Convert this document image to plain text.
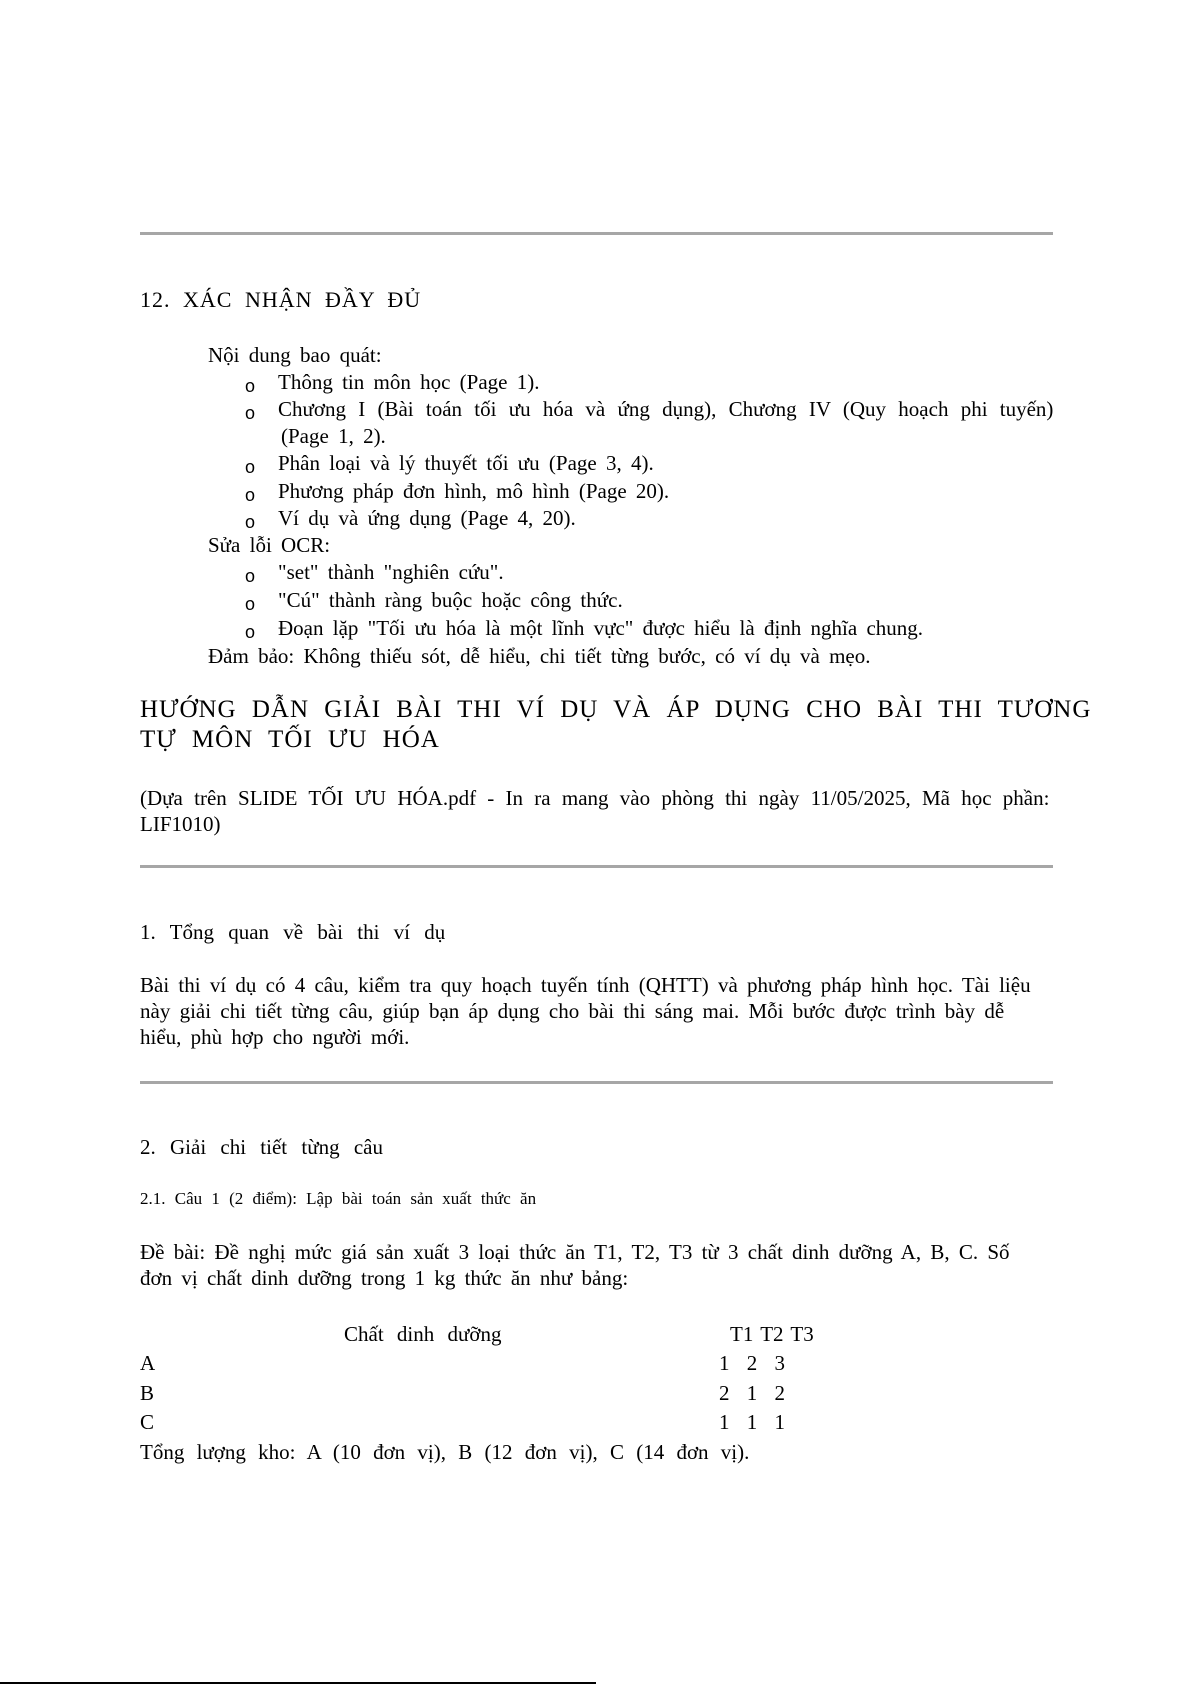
12. XÁC NHẬN ĐẦY ĐỦ
Nội dung bao quát:
o Thông tin môn học (Page 1).
o Chương I (Bài toán tối ưu hóa và ứng dụng), Chương IV (Quy hoạch phi tuyến)
(Page 1, 2).
o Phân loại và lý thuyết tối ưu (Page 3, 4).
o Phương pháp đơn hình, mô hình (Page 20).
o Ví dụ và ứng dụng (Page 4, 20).
Sửa lỗi OCR:
o "set" thành "nghiên cứu".
o "Cú" thành ràng buộc hoặc công thức.
o Đoạn lặp "Tối ưu hóa là một lĩnh vực" được hiểu là định nghĩa chung.
Đảm bảo: Không thiếu sót, dễ hiểu, chi tiết từng bước, có ví dụ và mẹo.
HƯỚNG DẪN GIẢI BÀI THI VÍ DỤ VÀ ÁP DỤNG CHO BÀI THI TƯƠNG
TỰ MÔN TỐI ƯU HÓA
(Dựa trên SLIDE TỐI ƯU HÓA.pdf - In ra mang vào phòng thi ngày 11/05/2025, Mã học phần:
LIF1010)
1. Tổng quan về bài thi ví dụ
Bài thi ví dụ có 4 câu, kiểm tra quy hoạch tuyến tính (QHTT) và phương pháp hình học. Tài liệu
này giải chi tiết từng câu, giúp bạn áp dụng cho bài thi sáng mai. Mỗi bước được trình bày dễ
hiểu, phù hợp cho người mới.
2. Giải chi tiết từng câu
2.1. Câu 1 (2 điểm): Lập bài toán sản xuất thức ăn
Đề bài: Đề nghị mức giá sản xuất 3 loại thức ăn T1, T2, T3 từ 3 chất dinh dưỡng A, B, C. Số
đơn vị chất dinh dưỡng trong 1 kg thức ăn như bảng:
Chất dinh dưỡng	T1 T2 T3
A	1 2 3
B	2 1 2
C	1 1 1
Tổng lượng kho: A (10 đơn vị), B (12 đơn vị), C (14 đơn vị).
